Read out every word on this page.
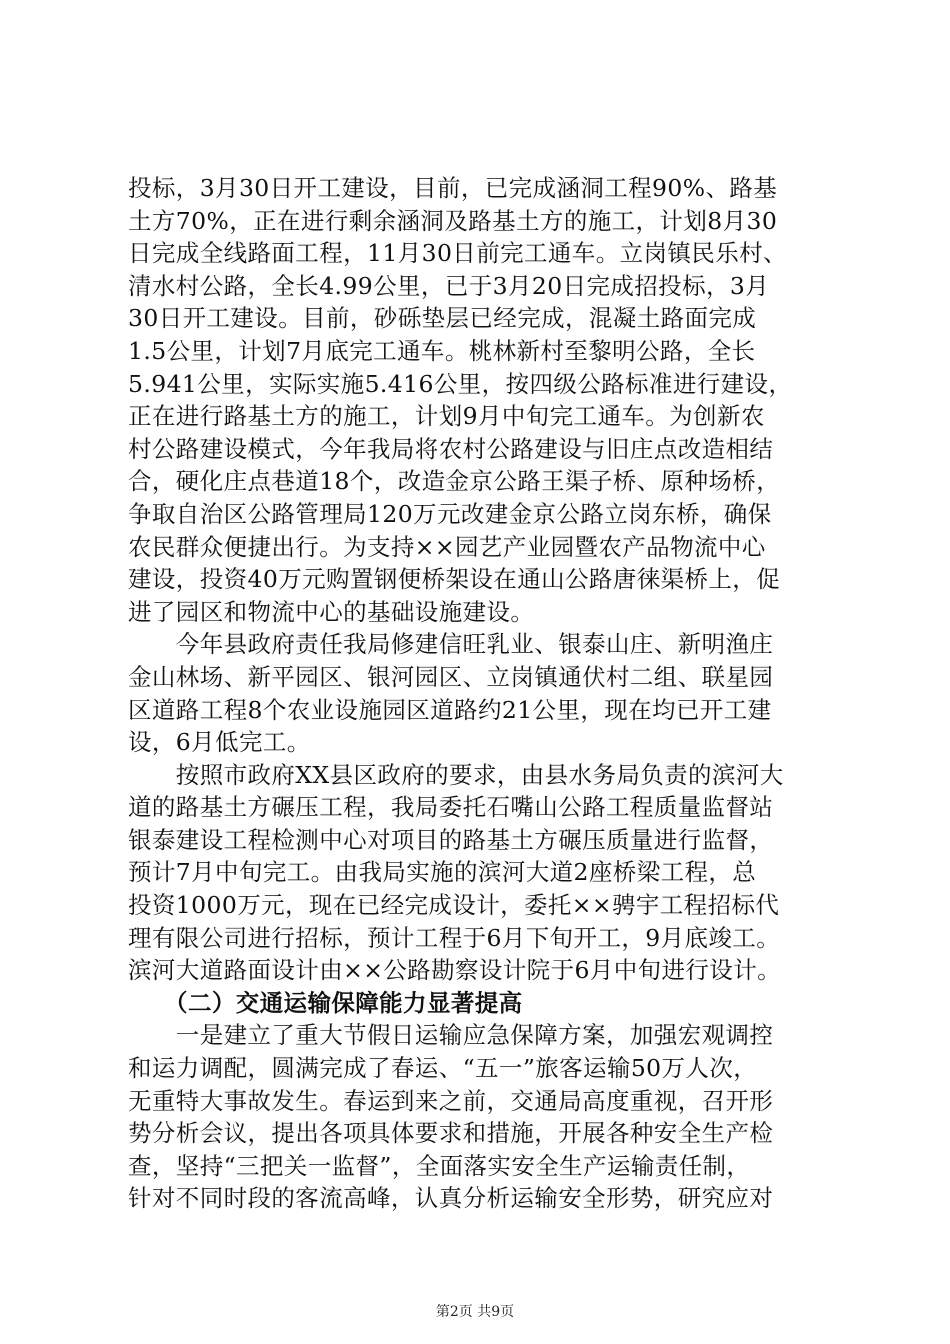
投标，3月30日开工建设，目前，已完成涵洞工程90%、路基
土方70%，正在进行剩余涵洞及路基土方的施工，计划8月30
日完成全线路面工程，11月30日前完工通车。立岗镇民乐村、
清水村公路，全长4.99公里，已于3月20日完成招投标，3月
30日开工建设。目前，砂砾垫层已经完成，混凝土路面完成
1.5公里，计划7月底完工通车。桃林新村至黎明公路，全长
5.941公里，实际实施5.416公里，按四级公路标准进行建设，
正在进行路基土方的施工，计划9月中旬完工通车。为创新农
村公路建设模式，今年我局将农村公路建设与旧庄点改造相结
合，硬化庄点巷道18个，改造金京公路王渠子桥、原种场桥，
争取自治区公路管理局120万元改建金京公路立岗东桥，确保
农民群众便捷出行。为支持××园艺产业园暨农产品物流中心
建设，投资40万元购置钢便桥架设在通山公路唐徕渠桥上，促
进了园区和物流中心的基础设施建设。
　　今年县政府责任我局修建信旺乳业、银泰山庄、新明渔庄
金山林场、新平园区、银河园区、立岗镇通伏村二组、联星园
区道路工程8个农业设施园区道路约21公里，现在均已开工建
设，6月低完工。
　　按照市政府XX县区政府的要求，由县水务局负责的滨河大
道的路基土方碾压工程，我局委托石嘴山公路工程质量监督站
银泰建设工程检测中心对项目的路基土方碾压质量进行监督，
预计7月中旬完工。由我局实施的滨河大道2座桥梁工程，总
投资1000万元，现在已经完成设计，委托××骋宇工程招标代
理有限公司进行招标，预计工程于6月下旬开工，9月底竣工。
滨河大道路面设计由××公路勘察设计院于6月中旬进行设计。
　　（二）交通运输保障能力显著提高
　　一是建立了重大节假日运输应急保障方案，加强宏观调控
和运力调配，圆满完成了春运、“五一”旅客运输50万人次，
无重特大事故发生。春运到来之前，交通局高度重视，召开形
势分析会议，提出各项具体要求和措施，开展各种安全生产检
查，坚持“三把关一监督”，全面落实安全生产运输责任制，
针对不同时段的客流高峰，认真分析运输安全形势，研究应对
第2页 共9页
